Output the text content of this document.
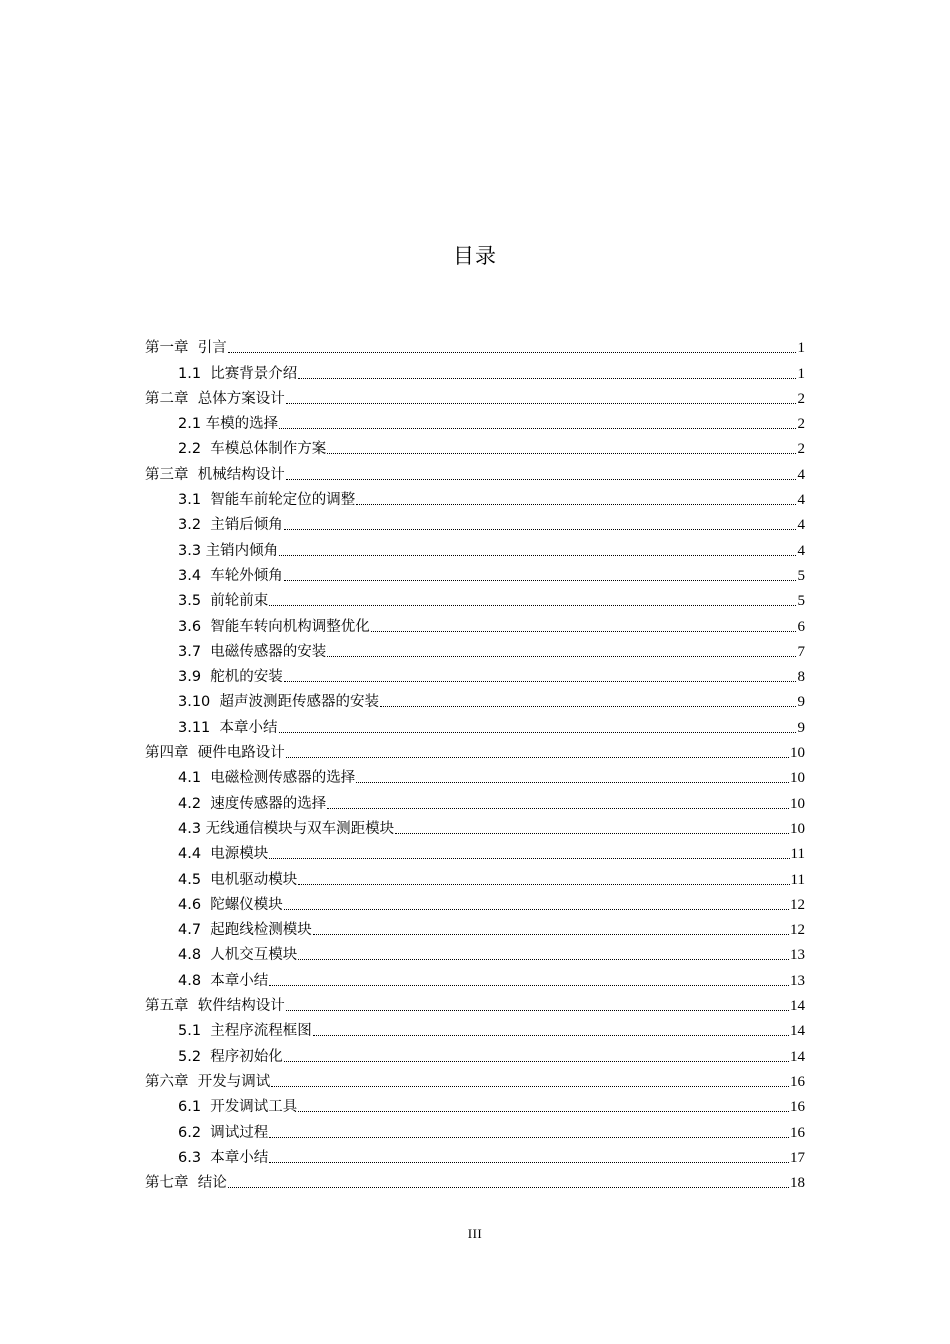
目录
第一章  引言	1
1.1  比赛背景介绍	1
第二章  总体方案设计	2
2.1 车模的选择	2
2.2  车模总体制作方案	2
第三章  机械结构设计	4
3.1  智能车前轮定位的调整	4
3.2  主销后倾角	4
3.3 主销内倾角	4
3.4  车轮外倾角	5
3.5  前轮前束	5
3.6  智能车转向机构调整优化	6
3.7  电磁传感器的安装	7
3.9  舵机的安装	8
3.10  超声波测距传感器的安装	9
3.11  本章小结	9
第四章  硬件电路设计	10
4.1  电磁检测传感器的选择	10
4.2  速度传感器的选择	10
4.3 无线通信模块与双车测距模块	10
4.4  电源模块	11
4.5  电机驱动模块	11
4.6  陀螺仪模块	12
4.7  起跑线检测模块	12
4.8  人机交互模块	13
4.8  本章小结	13
第五章  软件结构设计	14
5.1  主程序流程框图	14
5.2  程序初始化	14
第六章  开发与调试	16
6.1  开发调试工具	16
6.2  调试过程	16
6.3  本章小结	17
第七章  结论	18
III
